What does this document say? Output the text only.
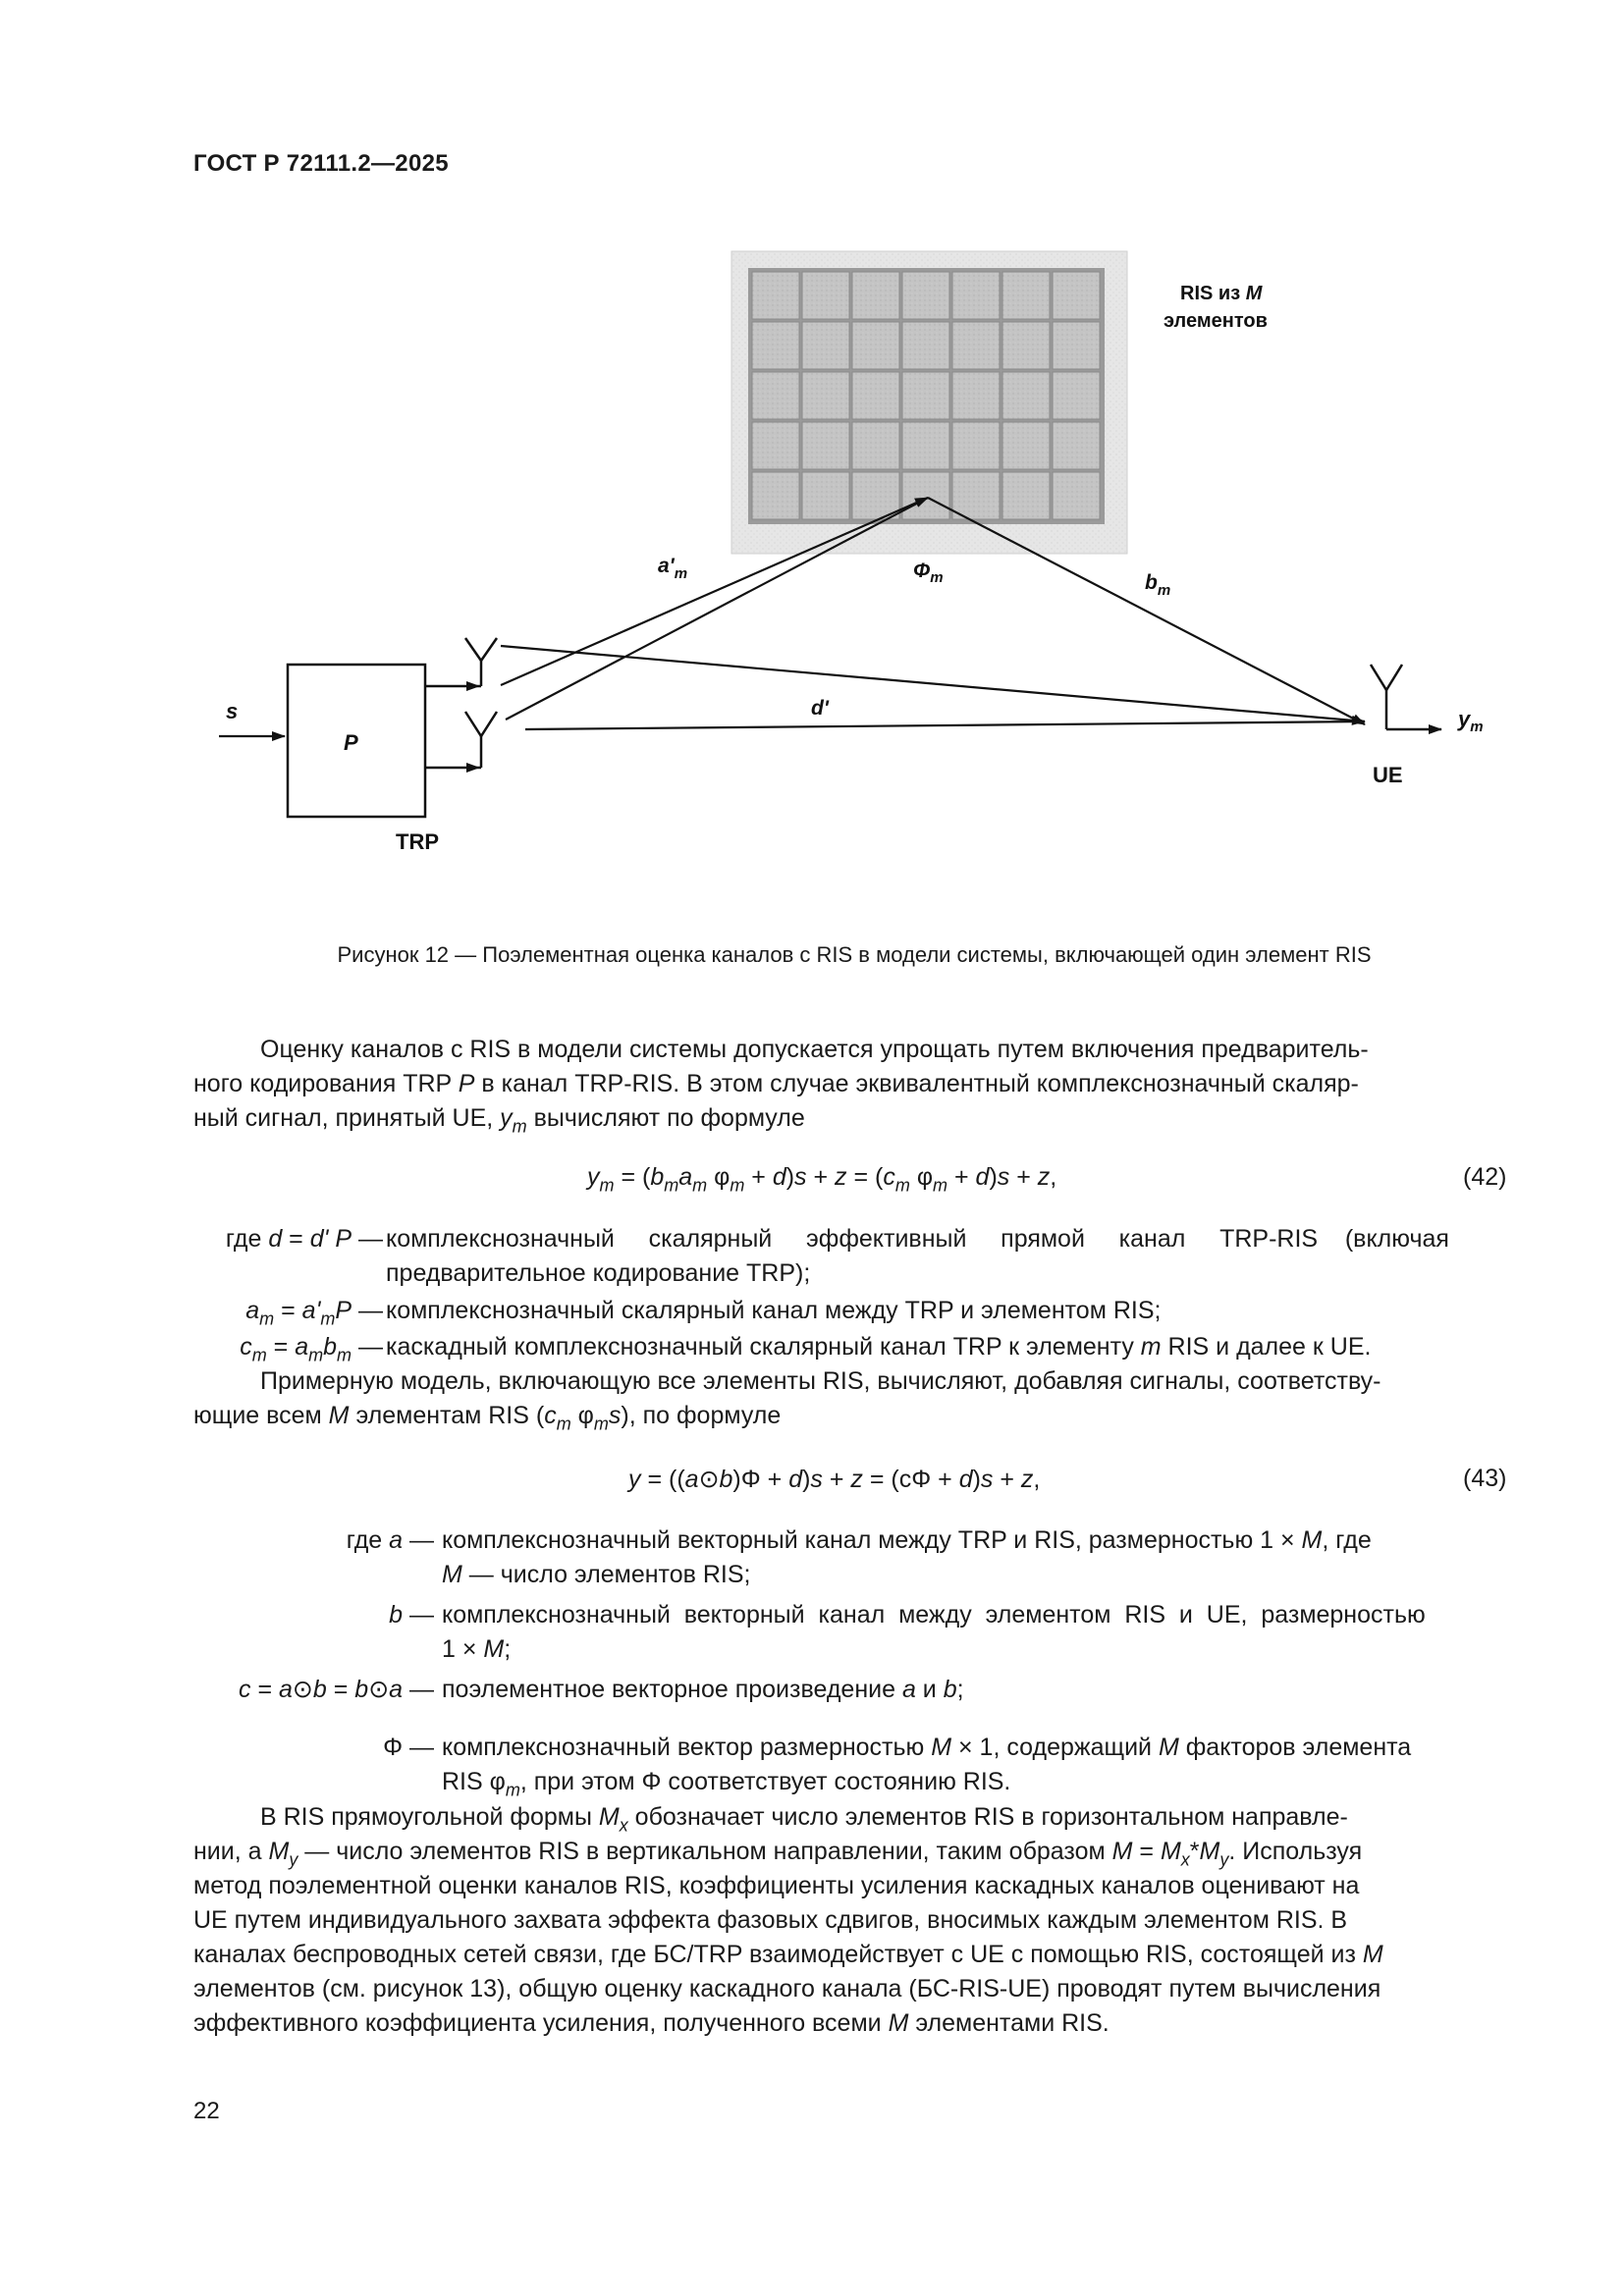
ГОСТ Р 72111.2—2025
RIS из M
элементов
P
TRP
s
UE
$y_m$
$a'_m$	$\Phi_m$	$b_m$
d'
Рисунок 12 — Поэлементная оценка каналов с RIS в модели системы, включающей один элемент RIS
Оценку каналов с RIS в модели системы допускается упрощать путем включения предваритель-
ного кодирования TRP P в канал TRP-RIS. В этом случае эквивалентный комплекснозначный скаляр-
ный сигнал, принятый UE, $y_m$ вычисляют по формуле
$y_m = (b_ma_m$ $\varphi_m + d)s + z = (c_m$ $\varphi_m + d)s + z$,	(42)
где d = d' P — комплекснозначный     скалярный     эффективный     прямой     канал     TRP-RIS    (включая
предварительное кодирование TRP);
$a_m = a'_mP$ — комплекснозначный скалярный канал между TRP и элементом RIS;
$c_m = a_mb_m$ — каскадный комплекснозначный скалярный канал TRP к элементу m RIS и далее к UE.
Примерную модель, включающую все элементы RIS, вычисляют, добавляя сигналы, соответству-
ющие всем M элементам RIS ($c_m$ $\varphi_ms$), по формуле
y = ((a⊙b)Φ + d)s + z = (cΦ + d)s + z,	(43)
где a — комплекснозначный векторный канал между TRP и RIS, размерностью 1 × M, где
M — число элементов RIS;
b — комплекснозначный  векторный  канал  между  элементом  RIS  и  UE,  размерностью
1 × M;
c = a⊙b = b⊙a — поэлементное векторное произведение a и b;
Φ — комплекснозначный вектор размерностью M × 1, содержащий M факторов элемента
RIS $\varphi_m$, при этом Φ соответствует состоянию RIS.
В RIS прямоугольной формы $M_x$ обозначает число элементов RIS в горизонтальном направле-
нии, а $M_y$ — число элементов RIS в вертикальном направлении, таким образом $M = M_x*M_y$. Используя
метод поэлементной оценки каналов RIS, коэффициенты усиления каскадных каналов оценивают на
UE путем индивидуального захвата эффекта фазовых сдвигов, вносимых каждым элементом RIS. В
каналах беспроводных сетей связи, где БС/TRP взаимодействует с UE с помощью RIS, состоящей из M
элементов (см. рисунок 13), общую оценку каскадного канала (БС-RIS-UE) проводят путем вычисления
эффективного коэффициента усиления, полученного всеми M элементами RIS.
22
